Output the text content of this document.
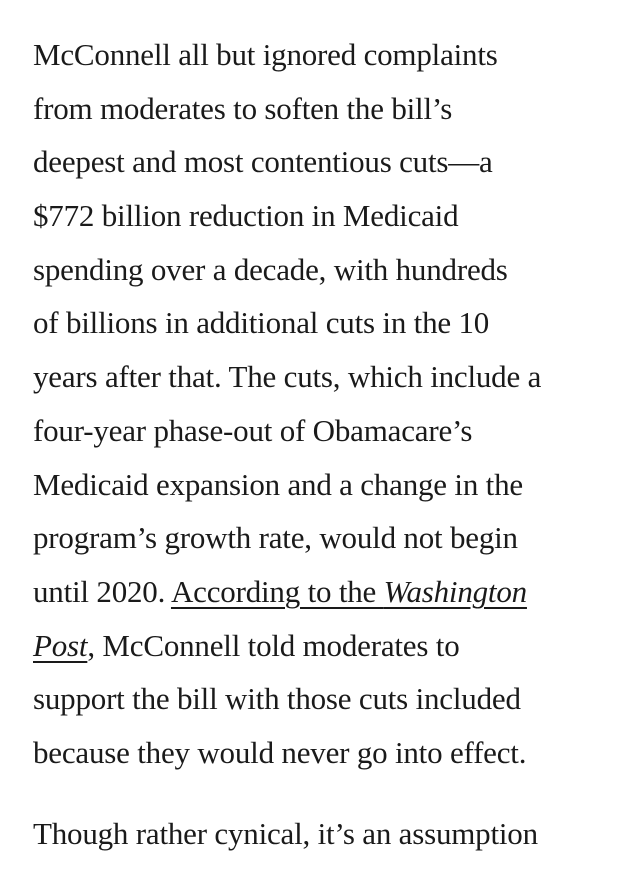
McConnell all but ignored complaints
from moderates to soften the bill’s
deepest and most contentious cuts—a
$772 billion reduction in Medicaid
spending over a decade, with hundreds
of billions in additional cuts in the 10
years after that. The cuts, which include a
four-year phase-out of Obamacare’s
Medicaid expansion and a change in the
program’s growth rate, would not begin
until 2020. According to the Washington
Post, McConnell told moderates to
support the bill with those cuts included
because they would never go into effect.
Though rather cynical, it’s an assumption
